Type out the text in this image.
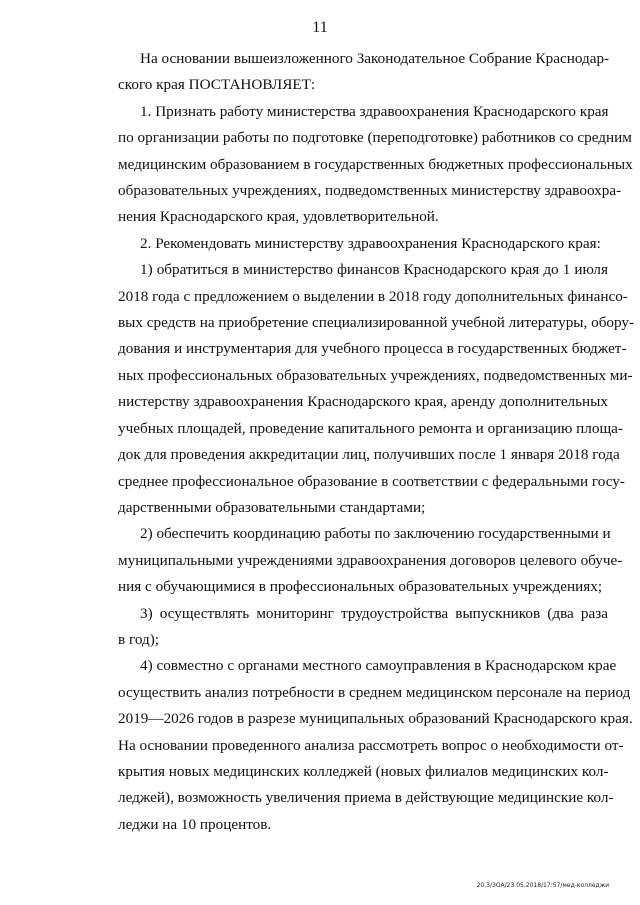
11

На основании вышеизложенного Законодательное Собрание Краснодар-
ского края ПОСТАНОВЛЯЕТ:

1. Признать работу министерства здравоохранения Краснодарского края
по организации работы по подготовке (переподготовке) работников со средним
медицинским образованием в государственных бюджетных профессиональных
образовательных учреждениях, подведомственных министерству здравоохра-
нения Краснодарского края, удовлетворительной.

2. Рекомендовать министерству здравоохранения Краснодарского края:

1) обратиться в министерство финансов Краснодарского края до 1 июля
2018 года с предложением о выделении в 2018 году дополнительных финансо-
вых средств на приобретение специализированной учебной литературы, обору-
дования и инструментария для учебного процесса в государственных бюджет-
ных профессиональных образовательных учреждениях, подведомственных ми-
нистерству здравоохранения Краснодарского края, аренду дополнительных
учебных площадей, проведение капитального ремонта и организацию площа-
док для проведения аккредитации лиц, получивших после 1 января 2018 года
среднее профессиональное образование в соответствии с федеральными госу-
дарственными образовательными стандартами;

2) обеспечить координацию работы по заключению государственными и
муниципальными учреждениями здравоохранения договоров целевого обуче-
ния с обучающимися в профессиональных образовательных учреждениях;

3) осуществлять мониторинг трудоустройства выпускников (два раза
в год);

4) совместно с органами местного самоуправления в Краснодарском крае
осуществить анализ потребности в среднем медицинском персонале на период
2019—2026 годов в разрезе муниципальных образований Краснодарского края.
На основании проведенного анализа рассмотреть вопрос о необходимости от-
крытия новых медицинских колледжей (новых филиалов медицинских кол-
леджей), возможность увеличения приема в действующие медицинские кол-
леджи на 10 процентов.

20.3/ЗОА/23.05.2018/17:57/мед-колледжи
